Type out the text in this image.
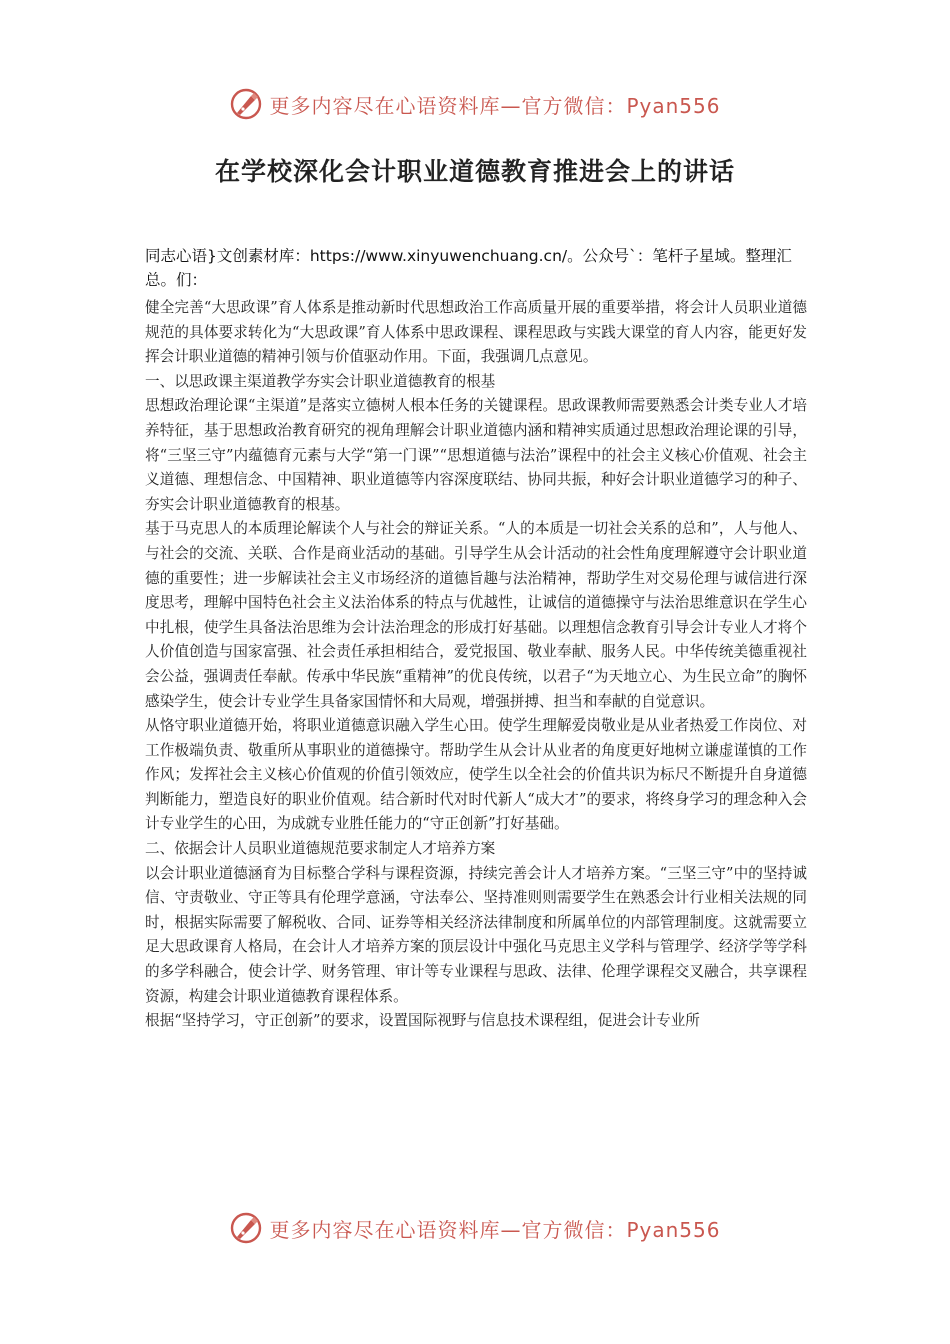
更多内容尽在心语资料库—官方微信：Pyan556
在学校深化会计职业道德教育推进会上的讲话
同志心语}文创素材库：https://www.xinyuwenchuang.cn/。公众号`：笔杆子星域。整理汇总。们：

健全完善“大思政课”育人体系是推动新时代思想政治工作高质量开展的重要举措，将会计人员职业道德规范的具体要求转化为“大思政课”育人体系中思政课程、课程思政与实践大课堂的育人内容，能更好发挥会计职业道德的精神引领与价值驱动作用。下面，我强调几点意见。

一、以思政课主渠道教学夯实会计职业道德教育的根基

思想政治理论课“主渠道”是落实立德树人根本任务的关键课程。思政课教师需要熟悉会计类专业人才培养特征，基于思想政治教育研究的视角理解会计职业道德内涵和精神实质通过思想政治理论课的引导，将“三坚三守”内蕴德育元素与大学“第一门课”“思想道德与法治”课程中的社会主义核心价值观、社会主义道德、理想信念、中国精神、职业道德等内容深度联结、协同共振，种好会计职业道德学习的种子、夯实会计职业道德教育的根基。

基于马克思人的本质理论解读个人与社会的辩证关系。“人的本质是一切社会关系的总和”，人与他人、与社会的交流、关联、合作是商业活动的基础。引导学生从会计活动的社会性角度理解遵守会计职业道德的重要性；进一步解读社会主义市场经济的道德旨趣与法治精神，帮助学生对交易伦理与诚信进行深度思考，理解中国特色社会主义法治体系的特点与优越性，让诚信的道德操守与法治思维意识在学生心中扎根，使学生具备法治思维为会计法治理念的形成打好基础。以理想信念教育引导会计专业人才将个人价值创造与国家富强、社会责任承担相结合，爱党报国、敬业奉献、服务人民。中华传统美德重视社会公益，强调责任奉献。传承中华民族“重精神”的优良传统，以君子“为天地立心、为生民立命”的胸怀感染学生，使会计专业学生具备家国情怀和大局观，增强拼搏、担当和奉献的自觉意识。

从恪守职业道德开始，将职业道德意识融入学生心田。使学生理解爱岗敬业是从业者热爱工作岗位、对工作极端负责、敬重所从事职业的道德操守。帮助学生从会计从业者的角度更好地树立谦虚谨慎的工作作风；发挥社会主义核心价值观的价值引领效应，使学生以全社会的价值共识为标尺不断提升自身道德判断能力，塑造良好的职业价值观。结合新时代对时代新人“成大才”的要求，将终身学习的理念种入会计专业学生的心田，为成就专业胜任能力的“守正创新”打好基础。

二、依据会计人员职业道德规范要求制定人才培养方案

以会计职业道德涵育为目标整合学科与课程资源，持续完善会计人才培养方案。“三坚三守”中的坚持诚信、守责敬业、守正等具有伦理学意涵，守法奉公、坚持准则则需要学生在熟悉会计行业相关法规的同时，根据实际需要了解税收、合同、证券等相关经济法律制度和所属单位的内部管理制度。这就需要立足大思政课育人格局，在会计人才培养方案的顶层设计中强化马克思主义学科与管理学、经济学等学科的多学科融合，使会计学、财务管理、审计等专业课程与思政、法律、伦理学课程交叉融合，共享课程资源，构建会计职业道德教育课程体系。

根据“坚持学习，守正创新”的要求，设置国际视野与信息技术课程组，促进会计专业所

更多内容尽在心语资料库—官方微信：Pyan556
